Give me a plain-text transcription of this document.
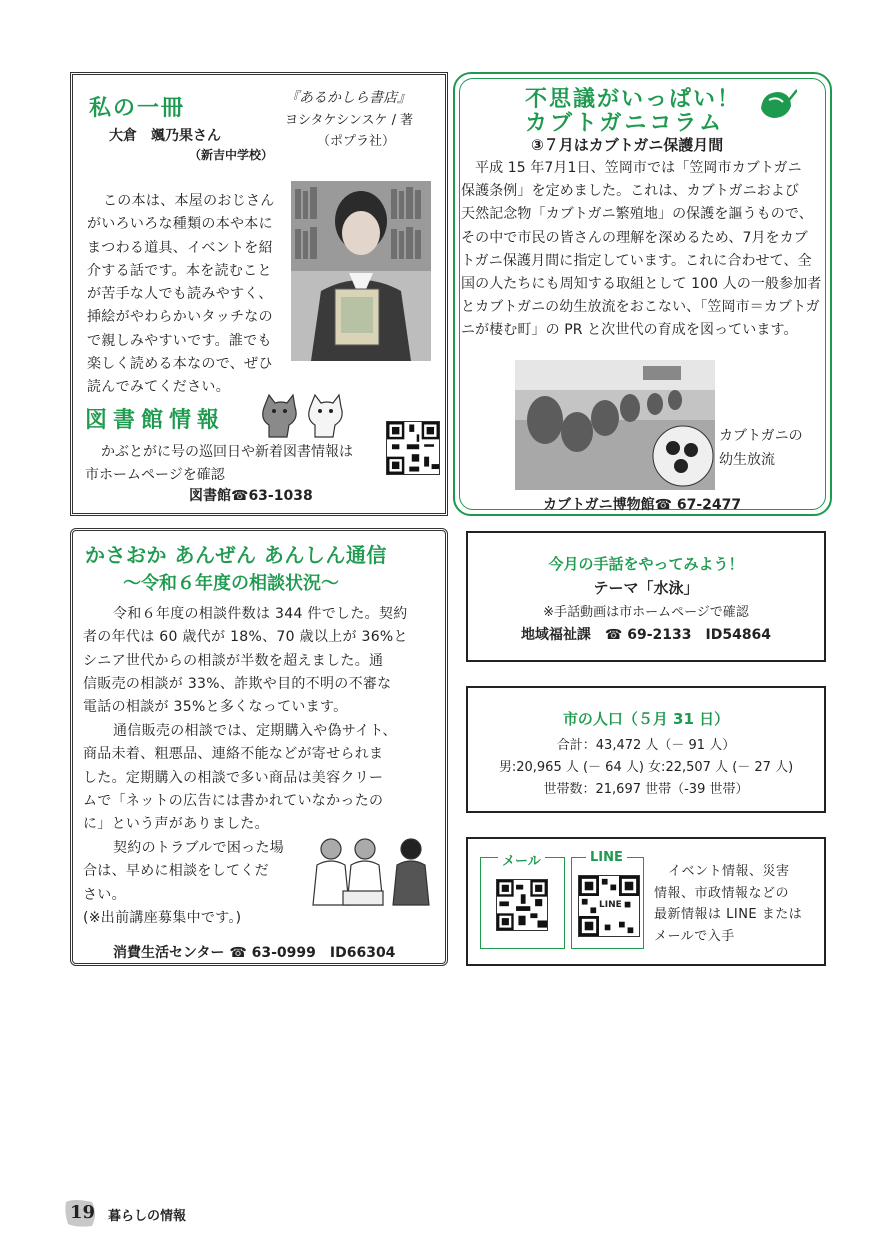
私の一冊
大倉　颯乃果さん
（新吉中学校）
『あるかしら書店』
ヨシタケシンスケ / 著
（ポプラ社）
この本は、本屋のおじさん
がいろいろな種類の本や本に
まつわる道具、イベントを紹
介する話です。本を読むこと
が苦手な人でも読みやすく、
挿絵がやわらかいタッチなの
で親しみやすいです。誰でも
楽しく読める本なので、ぜひ
読んでみてください。
図書館情報
かぶとがに号の巡回日や新着図書情報は
市ホームページを確認
図書館☎63-1038
不思議がいっぱい！
カブトガニコラム
③７月はカブトガニ保護月間
平成 15 年7月1日、笠岡市では「笠岡市カブトガニ
保護条例」を定めました。これは、カブトガニおよび
天然記念物「カブトガニ繁殖地」の保護を謳うもので、
その中で市民の皆さんの理解を深めるため、7月をカブ
トガニ保護月間に指定しています。これに合わせて、全
国の人たちにも周知する取組として 100 人の一般参加者
とカブトガニの幼生放流をおこない、「笠岡市＝カブトガ
ニが棲む町」の PR と次世代の育成を図っています。
カブトガニの
幼生放流
カブトガニ博物館☎ 67-2477
かさおか あんぜん あんしん通信
～令和６年度の相談状況～
令和６年度の相談件数は 344 件でした。契約
者の年代は 60 歳代が 18%、70 歳以上が 36%と
シニア世代からの相談が半数を超えました。通
信販売の相談が 33%、詐欺や目的不明の不審な
電話の相談が 35%と多くなっています。
通信販売の相談では、定期購入や偽サイト、
商品未着、粗悪品、連絡不能などが寄せられま
した。定期購入の相談で多い商品は美容クリー
ムで「ネットの広告には書かれていなかったの
に」という声がありました。
契約のトラブルで困った場
合は、早めに相談をしてくだ
さい。
(※出前講座募集中です。)
消費生活センター ☎ 63-0999　ID66304
今月の手話をやってみよう！
テーマ「水泳」
※手話動画は市ホームページで確認
地域福祉課　☎ 69-2133　ID54864
市の人口（５月 31 日）
合計：43,472 人（－ 91 人）
男:20,965 人 (－ 64 人) 女:22,507 人 (－ 27 人)
世帯数：21,697 世帯（-39 世帯）
メール	LINE
LINE
イベント情報、災害
情報、市政情報などの
最新情報は LINE または
メールで入手
19 暮らしの情報
